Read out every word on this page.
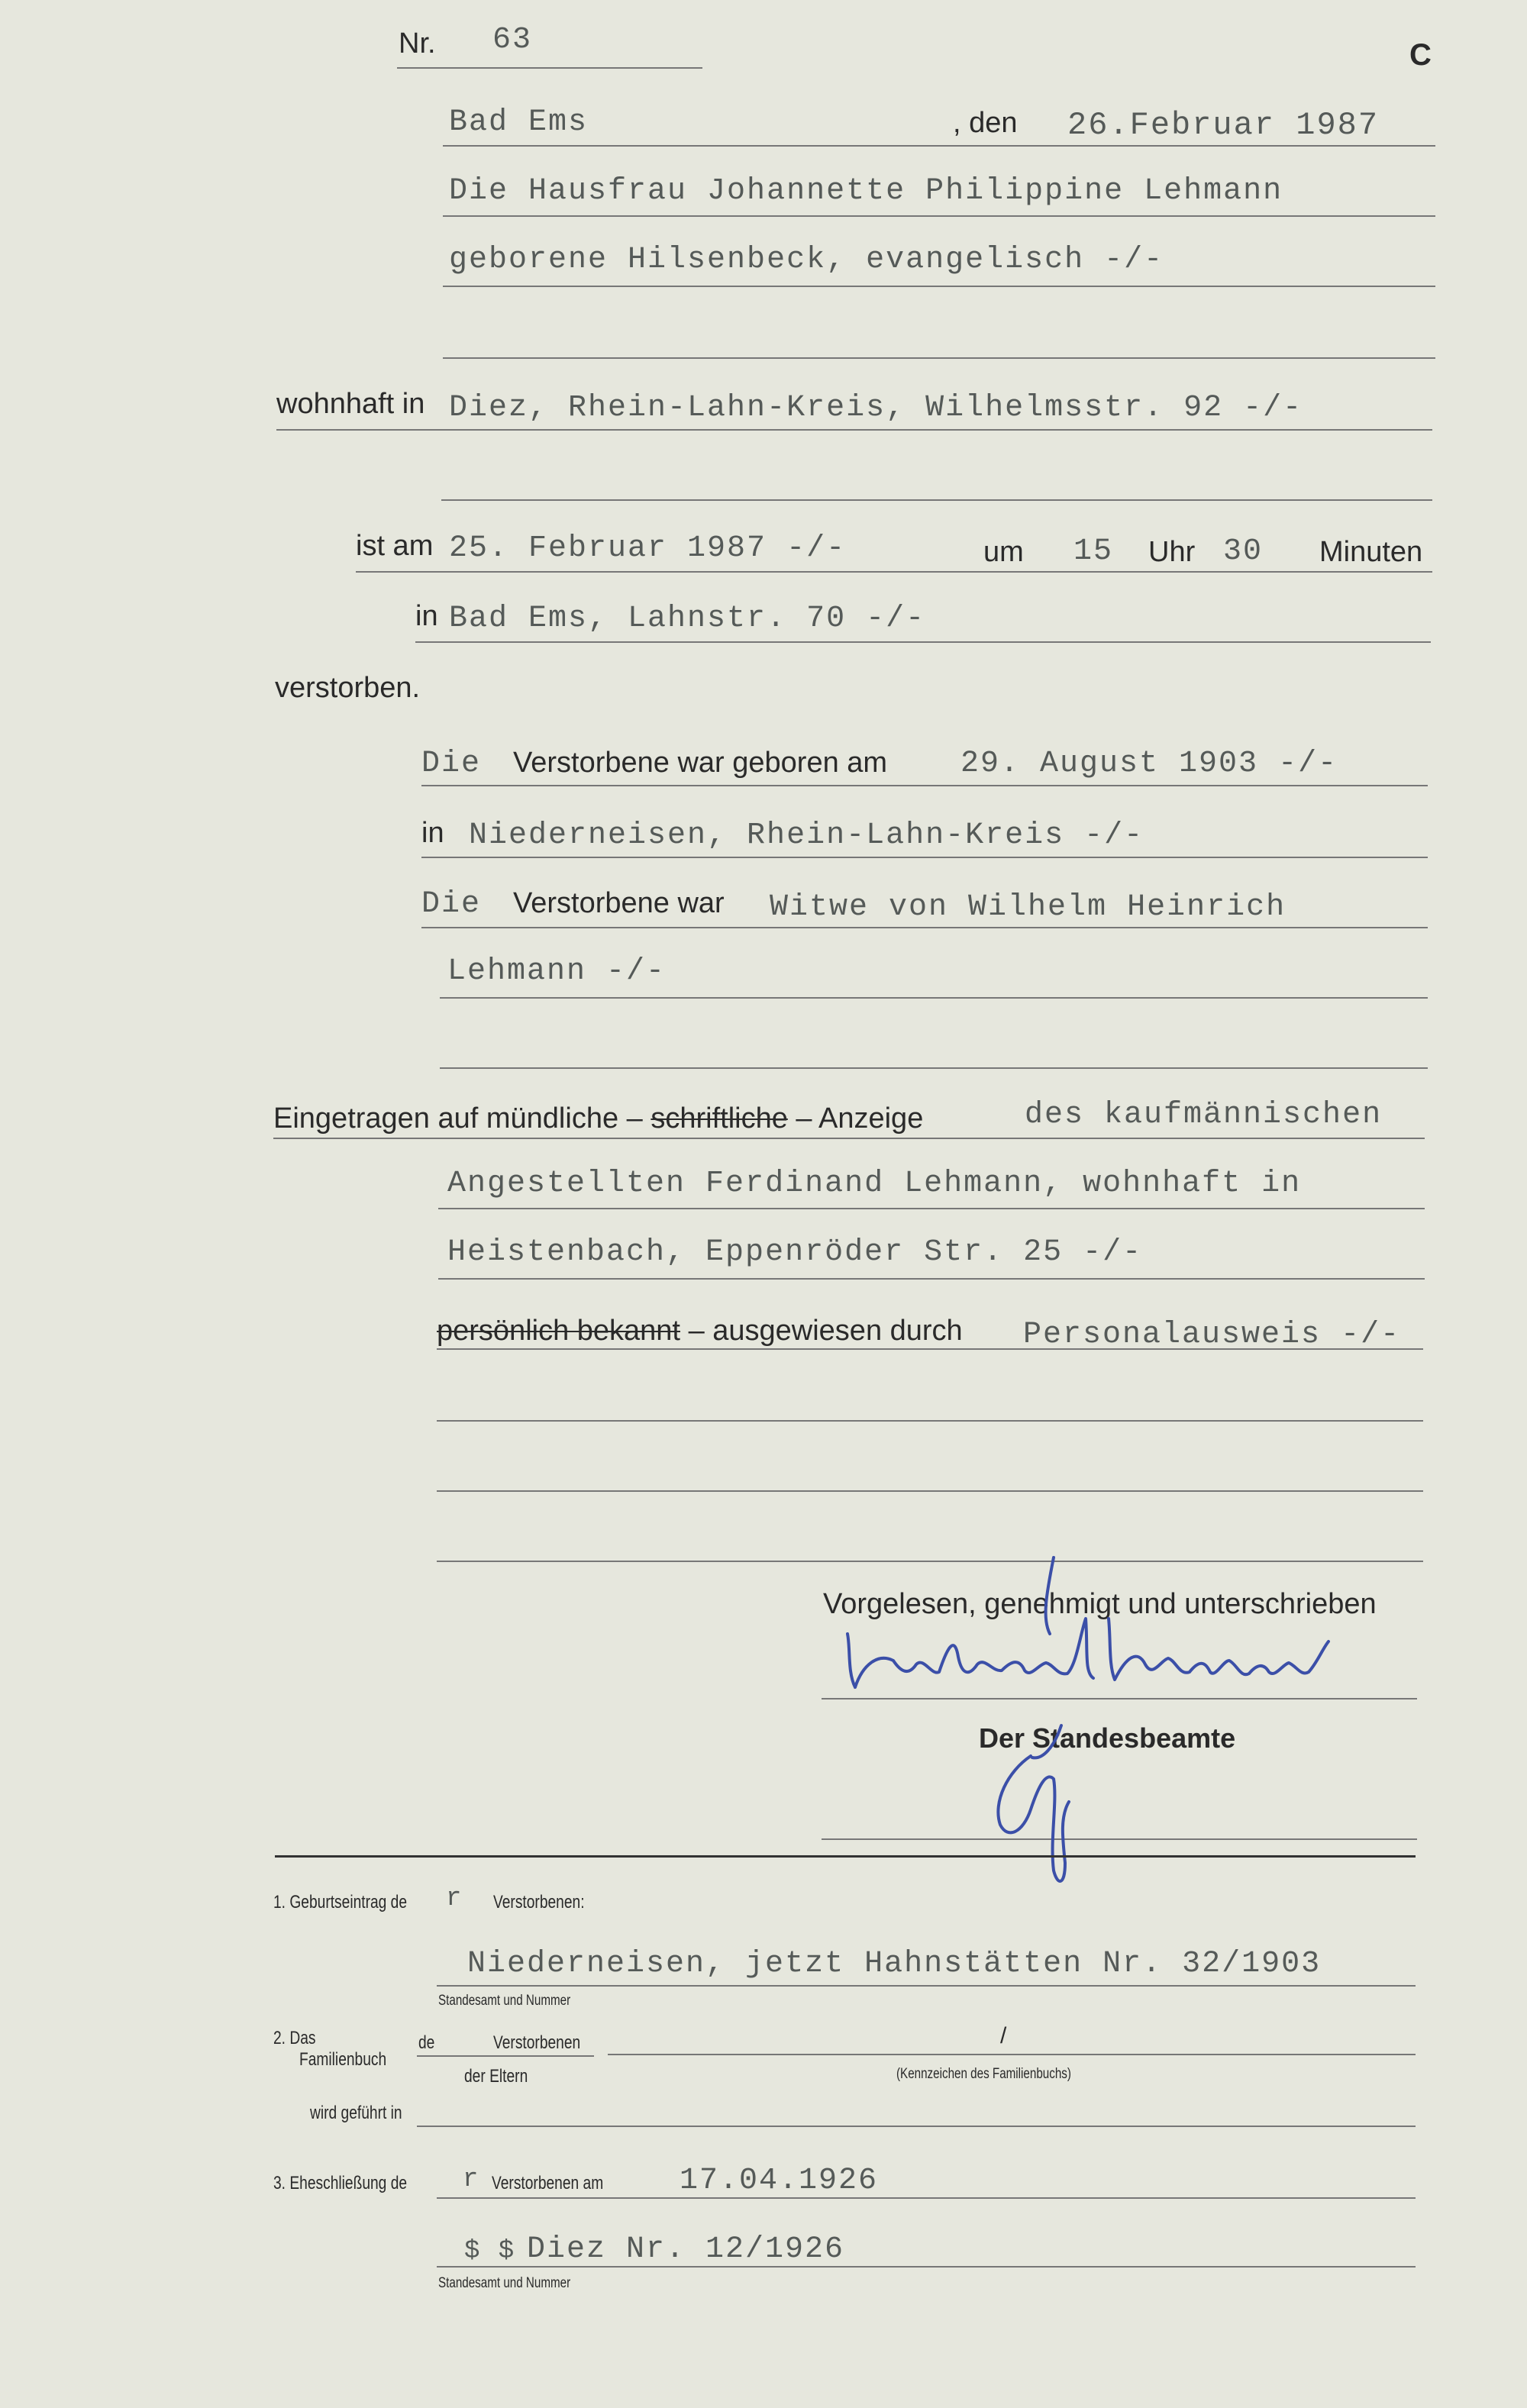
Nr. 63	C
Bad Ems	, den 26.Februar 1987
Die Hausfrau Johannette Philippine Lehmann
geborene Hilsenbeck, evangelisch -/-
wohnhaft in Diez, Rhein-Lahn-Kreis, Wilhelmsstr. 92 -/-
ist am 25. Februar 1987 -/-	um 15 Uhr 30 Minuten
in Bad Ems, Lahnstr. 70 -/-
verstorben.
Die Verstorbene war geboren am 29. August 1903 -/-
in Niederneisen, Rhein-Lahn-Kreis -/-
Die Verstorbene war Witwe von Wilhelm Heinrich
Lehmann -/-
Eingetragen auf mündliche – schriftliche – Anzeige	des kaufmännischen
Angestellten Ferdinand Lehmann, wohnhaft in
Heistenbach, Eppenröder Str. 25 -/-
persönlich bekannt – ausgewiesen durch Personalausweis -/-
Vorgelesen, genehmigt und unterschrieben
Der Standesbeamte
1. Geburtseintrag de r Verstorbenen:
Niederneisen, jetzt Hahnstätten Nr. 32/1903
Standesamt und Nummer
2. Das
Familienbuch
de	Verstorbenen	/
der Eltern	(Kennzeichen des Familienbuchs)
wird geführt in
3. Eheschließung de r Verstorbenen am 17.04.1926
$ $ Diez Nr. 12/1926
Standesamt und Nummer
